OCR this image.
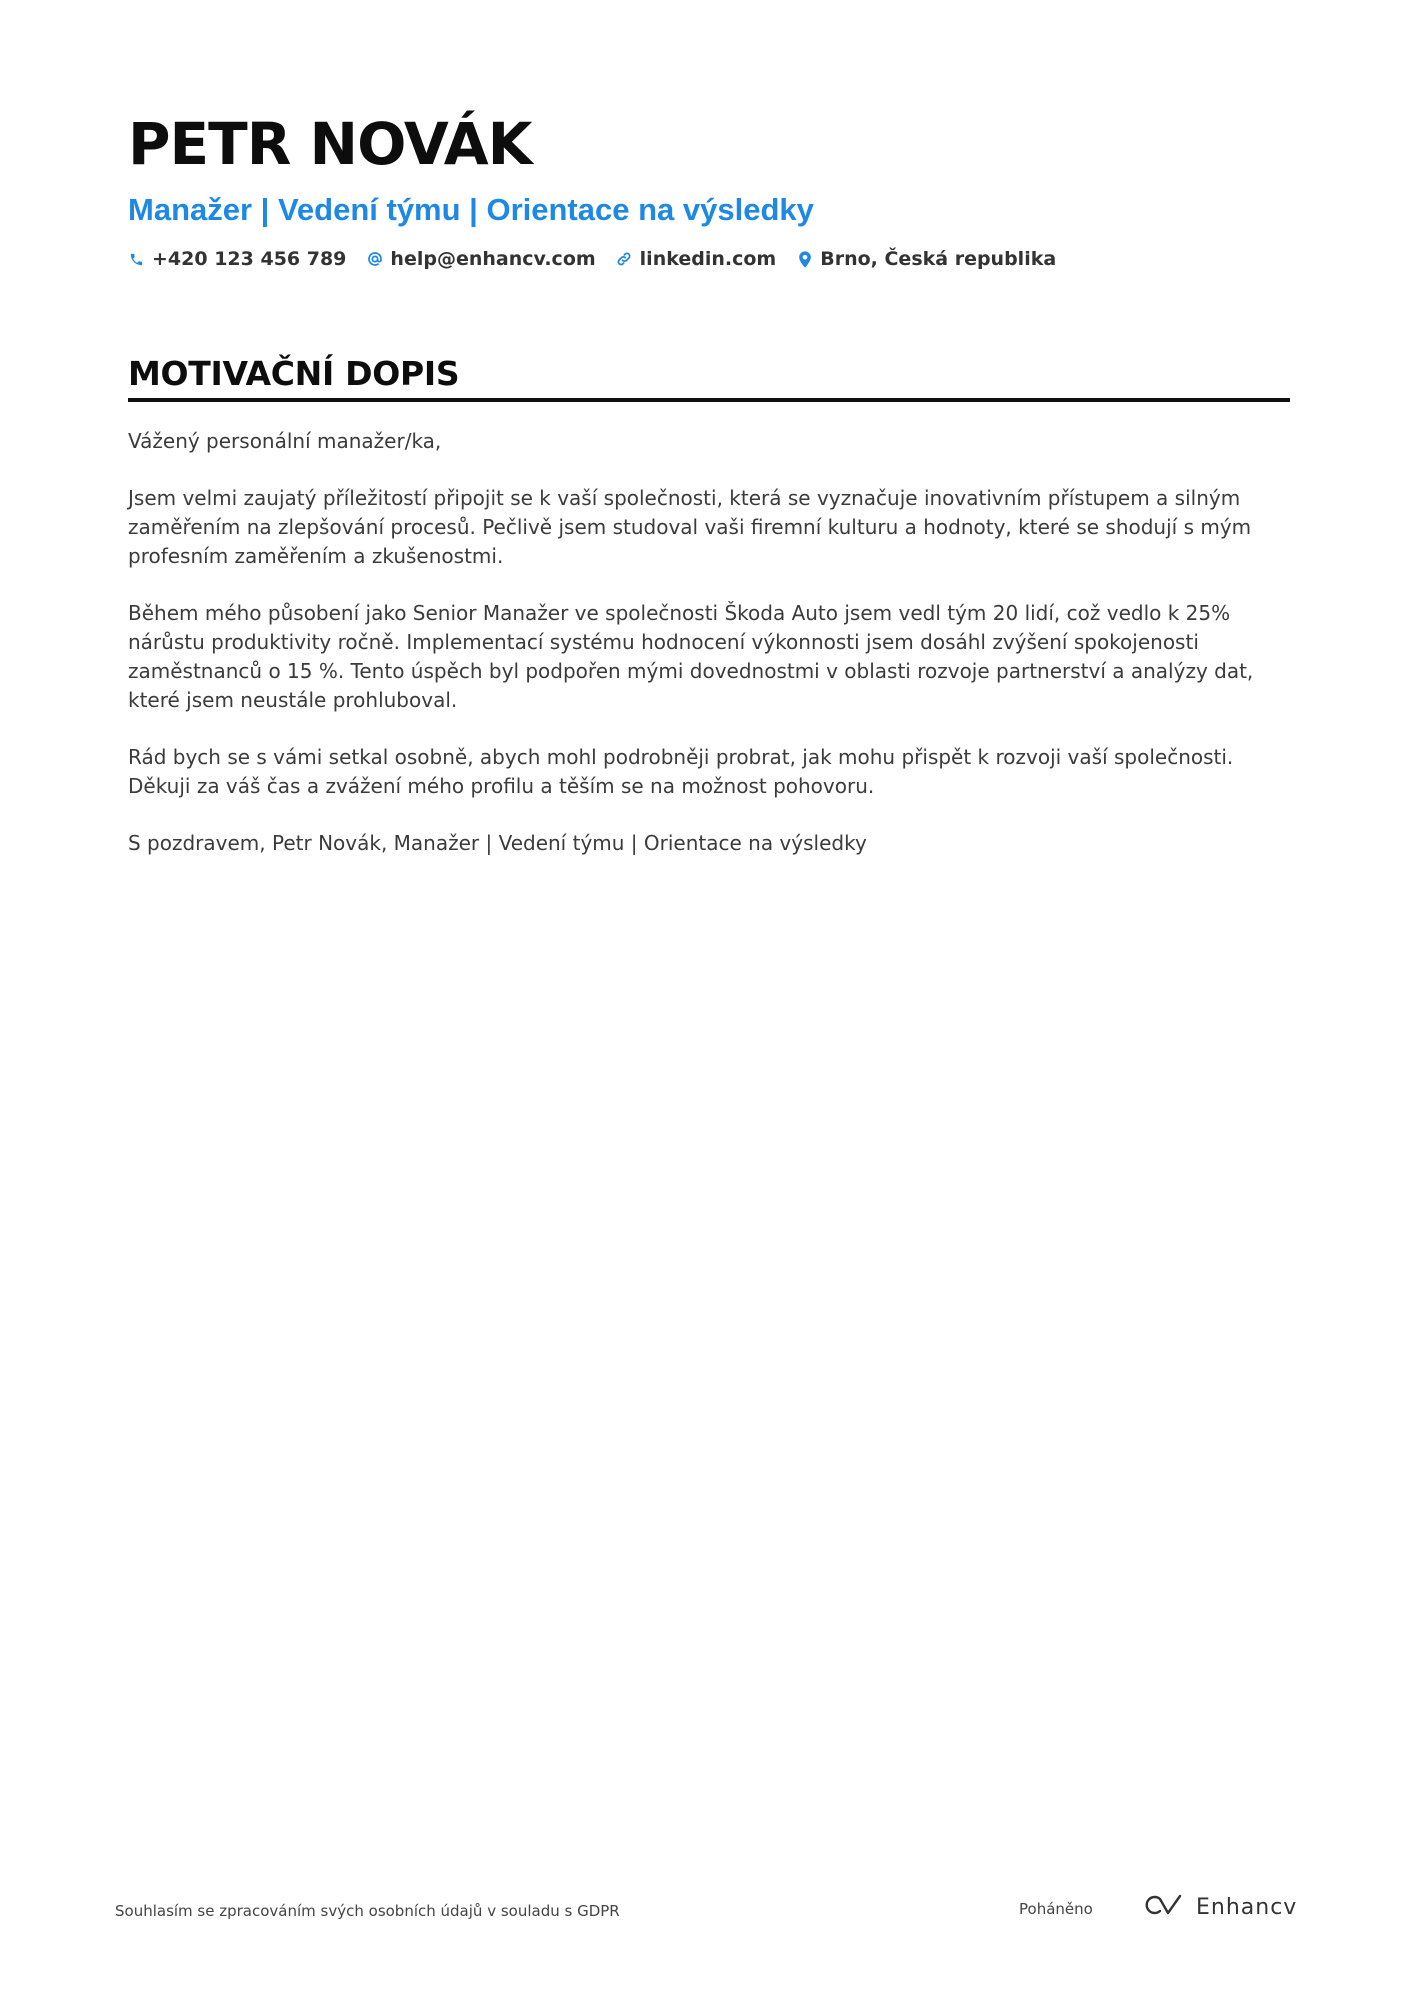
PETR NOVÁK
Manažer | Vedení týmu | Orientace na výsledky
+420 123 456 789 help@enhancv.com linkedin.com Brno, Česká republika
MOTIVAČNÍ DOPIS

Vážený personální manažer/ka,

Jsem velmi zaujatý příležitostí připojit se k vaší společnosti, která se vyznačuje inovativním přístupem a silným zaměřením na zlepšování procesů. Pečlivě jsem studoval vaši firemní kulturu a hodnoty, které se shodují s mým profesním zaměřením a zkušenostmi.

Během mého působení jako Senior Manažer ve společnosti Škoda Auto jsem vedl tým 20 lidí, což vedlo k 25% nárůstu produktivity ročně. Implementací systému hodnocení výkonnosti jsem dosáhl zvýšení spokojenosti zaměstnanců o 15 %. Tento úspěch byl podpořen mými dovednostmi v oblasti rozvoje partnerství a analýzy dat, které jsem neustále prohluboval.

Rád bych se s vámi setkal osobně, abych mohl podrobněji probrat, jak mohu přispět k rozvoji vaší společnosti. Děkuji za váš čas a zvážení mého profilu a těším se na možnost pohovoru.

S pozdravem, Petr Novák, Manažer | Vedení týmu | Orientace na výsledky

Souhlasím se zpracováním svých osobních údajů v souladu s GDPR	Poháněno	Enhancv
